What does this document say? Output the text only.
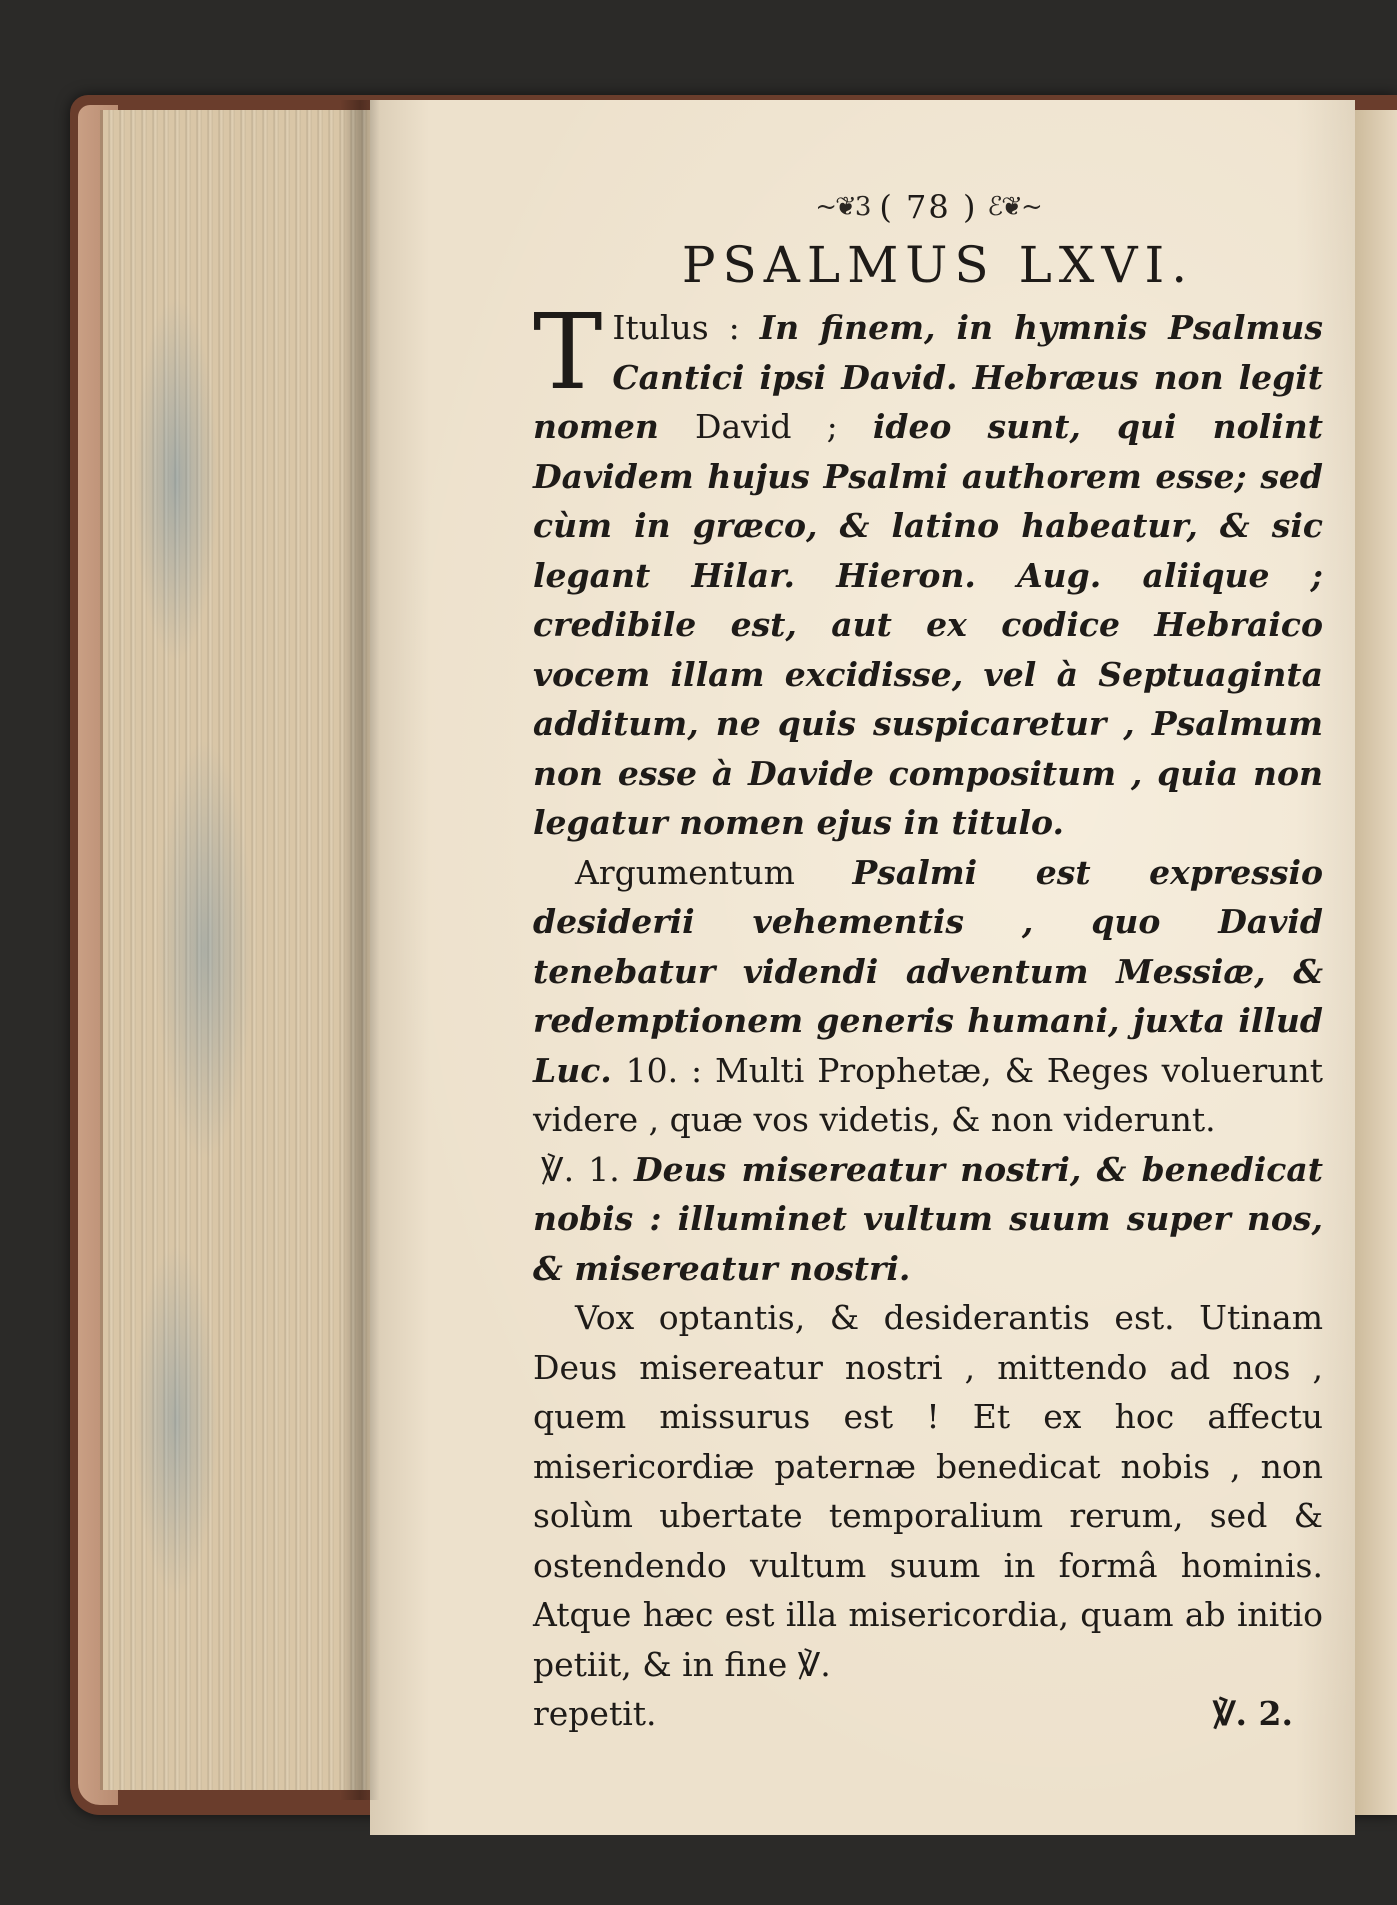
~❦3 ( 78 ) ℰ❦~
PSALMUS LXVI.

T Itulus : In finem, in hymnis Psalmus Cantici ipsi David. Hebræus non legit nomen David ; ideo sunt, qui nolint Davidem hujus Psalmi authorem esse; sed cùm in græco, & latino habeatur, & sic legant Hilar. Hieron. Aug. aliique ; credibile est, aut ex codice Hebraico vocem illam excidisse, vel à Septuaginta additum, ne quis suspicaretur , Psalmum non esse à Davide compositum , quia non legatur nomen ejus in titulo.

Argumentum Psalmi est expressio desiderii vehementis , quo David tenebatur videndi adventum Messiæ, & redemptionem generis humani, juxta illud Luc. 10. : Multi Prophetæ, & Reges voluerunt videre , quæ vos videtis, & non viderunt.

℣. 1. Deus misereatur nostri, & benedicat nobis : illuminet vultum suum super nos, & misereatur nostri.

Vox optantis, & desiderantis est. Utinam Deus misereatur nostri , mittendo ad nos , quem missurus est ! Et ex hoc affectu misericordiæ paternæ benedicat nobis , non solùm ubertate temporalium rerum, sed & ostendendo vultum suum in formâ hominis. Atque hæc est illa misericordia, quam ab initio petiit, & in fine ℣.

repetit.	℣. 2.
